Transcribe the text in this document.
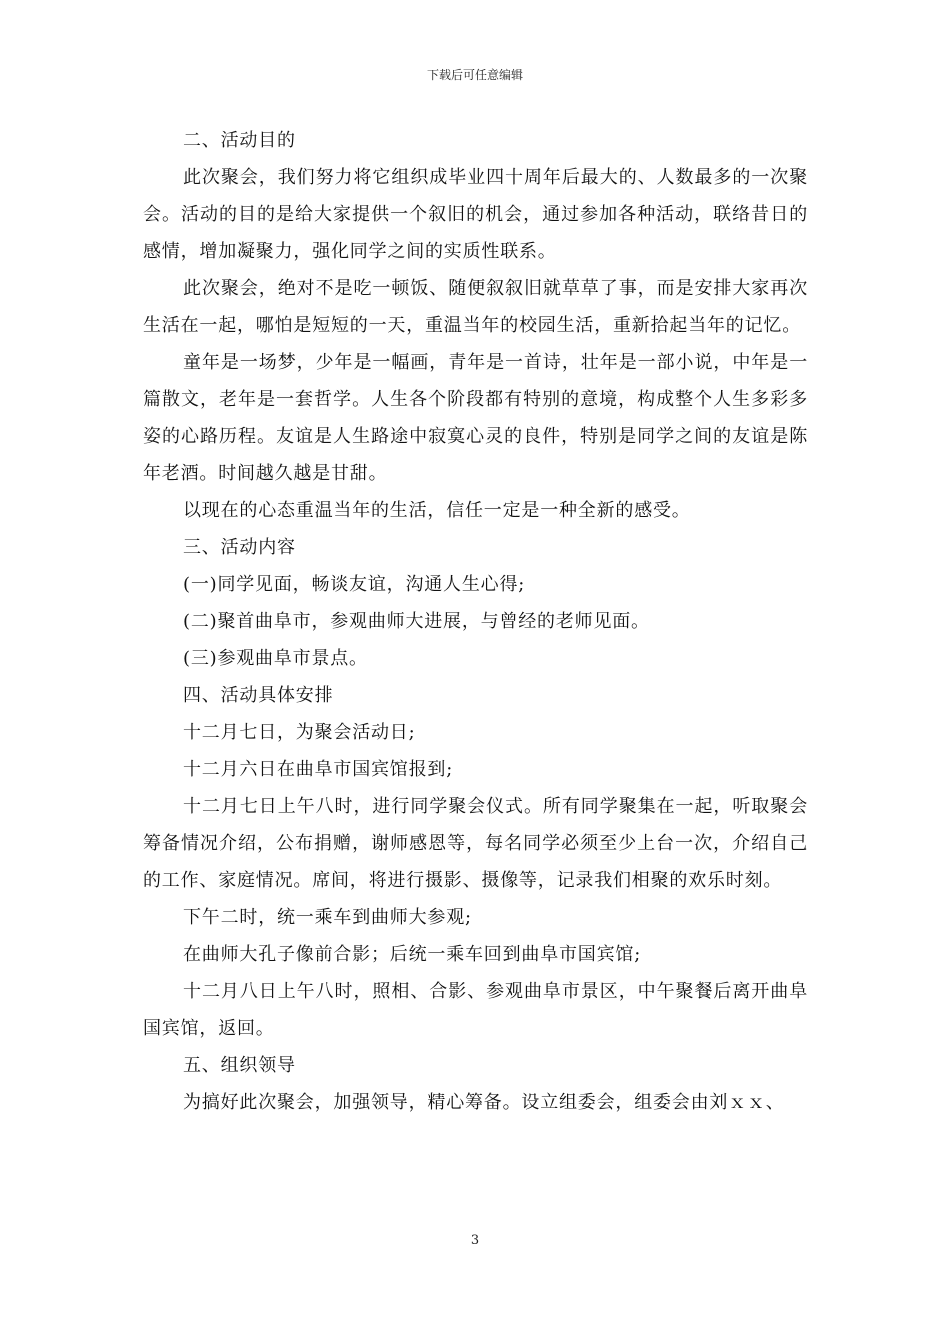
下载后可任意编辑

二、活动目的

此次聚会，我们努力将它组织成毕业四十周年后最大的、人数最多的一次聚会。活动的目的是给大家提供一个叙旧的机会，通过参加各种活动，联络昔日的感情，增加凝聚力，强化同学之间的实质性联系。

此次聚会，绝对不是吃一顿饭、随便叙叙旧就草草了事，而是安排大家再次生活在一起，哪怕是短短的一天，重温当年的校园生活，重新拾起当年的记忆。

童年是一场梦，少年是一幅画，青年是一首诗，壮年是一部小说，中年是一篇散文，老年是一套哲学。人生各个阶段都有特别的意境，构成整个人生多彩多姿的心路历程。友谊是人生路途中寂寞心灵的良件，特别是同学之间的友谊是陈年老酒。时间越久越是甘甜。

以现在的心态重温当年的生活，信任一定是一种全新的感受。

三、活动内容

(一)同学见面，畅谈友谊，沟通人生心得;

(二)聚首曲阜市，参观曲师大进展，与曾经的老师见面。

(三)参观曲阜市景点。

四、活动具体安排

十二月七日，为聚会活动日;

十二月六日在曲阜市国宾馆报到;

十二月七日上午八时，进行同学聚会仪式。所有同学聚集在一起，听取聚会筹备情况介绍，公布捐赠，谢师感恩等，每名同学必须至少上台一次，介绍自己的工作、家庭情况。席间，将进行摄影、摄像等，记录我们相聚的欢乐时刻。

下午二时，统一乘车到曲师大参观;

在曲师大孔子像前合影；后统一乘车回到曲阜市国宾馆;

十二月八日上午八时，照相、合影、参观曲阜市景区，中午聚餐后离开曲阜国宾馆，返回。

五、组织领导

为搞好此次聚会，加强领导，精心筹备。设立组委会，组委会由刘ｘｘ、

3
